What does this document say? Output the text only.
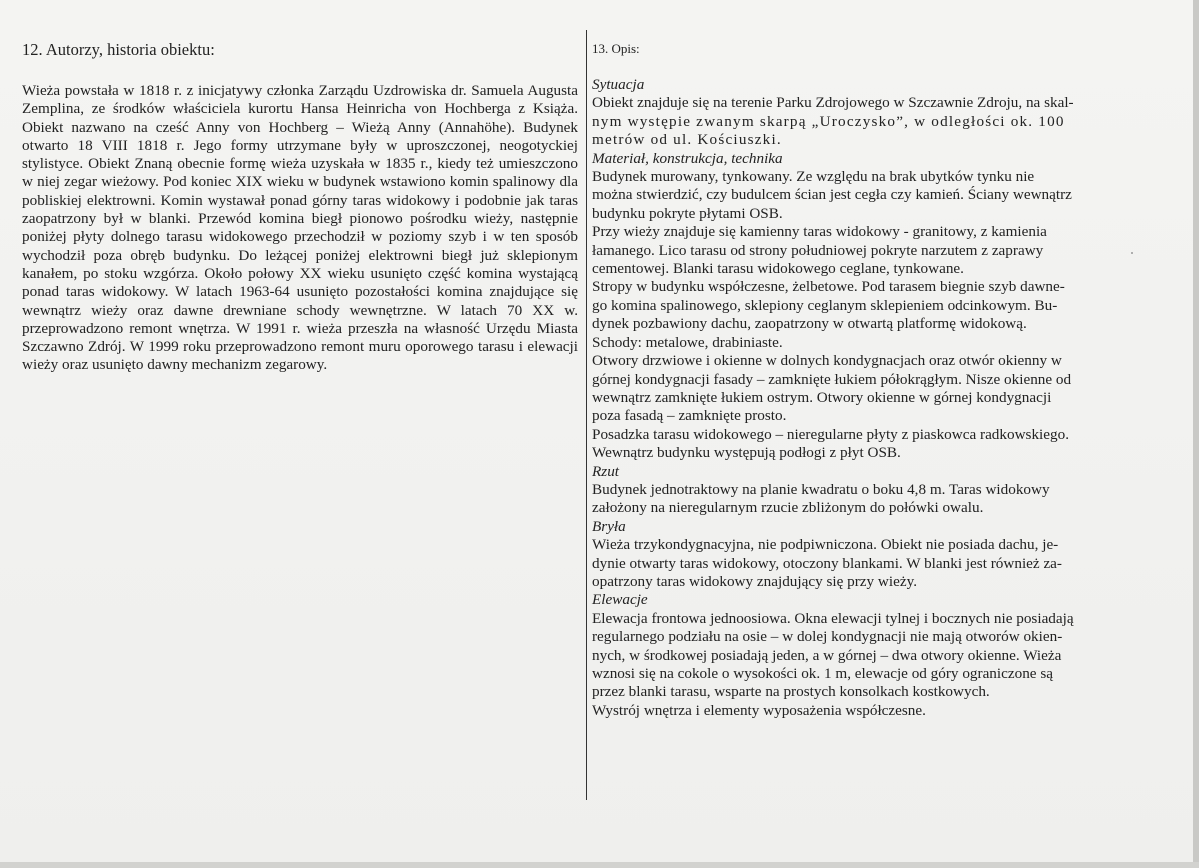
12. Autorzy, historia obiektu:

Wieża powstała w 1818 r. z inicjatywy członka Zarządu Uzdrowiska dr. Samuela Augusta Zemplina, ze środków właściciela kurortu Hansa Heinricha von Hochberga z Książa. Obiekt nazwano na cześć Anny von Hochberg – Wieżą Anny (Annahöhe). Budynek otwarto 18 VIII 1818 r. Jego formy utrzymane były w uproszczonej, neogotyckiej stylistyce. Obiekt Znaną obecnie formę wieża uzyskała w 1835 r., kiedy też umieszczono w niej zegar wieżowy. Pod koniec XIX wieku w budynek wstawiono komin spalinowy dla pobliskiej elektrowni. Komin wystawał ponad górny taras widokowy i podobnie jak taras zaopatrzony był w blanki. Przewód komina biegł pionowo pośrodku wieży, następnie poniżej płyty dolnego tarasu widokowego przechodził w poziomy szyb i w ten sposób wychodził poza obręb budynku. Do leżącej poniżej elektrowni biegł już sklepionym kanałem, po stoku wzgórza. Około połowy XX wieku usunięto część komina wystającą ponad taras widokowy. W latach 1963-64 usunięto pozostałości komina znajdujące się wewnątrz wieży oraz dawne drewniane schody wewnętrzne. W latach 70 XX w. przeprowadzono remont wnętrza. W 1991 r. wieża przeszła na własność Urzędu Miasta Szczawno Zdrój. W 1999 roku przeprowadzono remont muru oporowego tarasu i elewacji wieży oraz usunięto dawny mechanizm zegarowy.

13. Opis:
Sytuacja

Obiekt znajduje się na terenie Parku Zdrojowego w Szczawnie Zdroju, na skal-

nym występie zwanym skarpą „Uroczysko”, w odległości ok. 100

metrów od ul. Kościuszki.

Materiał, konstrukcja, technika

Budynek murowany, tynkowany. Ze względu na brak ubytków tynku nie

można stwierdzić, czy budulcem ścian jest cegła czy kamień. Ściany wewnątrz

budynku pokryte płytami OSB.

Przy wieży znajduje się kamienny taras widokowy - granitowy, z kamienia

łamanego. Lico tarasu od strony południowej pokryte narzutem z zaprawy

cementowej. Blanki tarasu widokowego ceglane, tynkowane.

Stropy w budynku współczesne, żelbetowe. Pod tarasem biegnie szyb dawne-

go komina spalinowego, sklepiony ceglanym sklepieniem odcinkowym. Bu-

dynek pozbawiony dachu, zaopatrzony w otwartą platformę widokową.

Schody: metalowe, drabiniaste.

Otwory drzwiowe i okienne w dolnych kondygnacjach oraz otwór okienny w

górnej kondygnacji fasady – zamknięte łukiem półokrągłym. Nisze okienne od

wewnątrz zamknięte łukiem ostrym. Otwory okienne w górnej kondygnacji

poza fasadą – zamknięte prosto.

Posadzka tarasu widokowego – nieregularne płyty z piaskowca radkowskiego.

Wewnątrz budynku występują podłogi z płyt OSB.

Rzut

Budynek jednotraktowy na planie kwadratu o boku 4,8 m. Taras widokowy

założony na nieregularnym rzucie zbliżonym do połówki owalu.

Bryła

Wieża trzykondygnacyjna, nie podpiwniczona. Obiekt nie posiada dachu, je-

dynie otwarty taras widokowy, otoczony blankami. W blanki jest również za-

opatrzony taras widokowy znajdujący się przy wieży.

Elewacje

Elewacja frontowa jednoosiowa. Okna elewacji tylnej i bocznych nie posiadają

regularnego podziału na osie – w dolej kondygnacji nie mają otworów okien-

nych, w środkowej posiadają jeden, a w górnej – dwa otwory okienne. Wieża

wznosi się na cokole o wysokości ok. 1 m, elewacje od góry ograniczone są

przez blanki tarasu, wsparte na prostych konsolkach kostkowych.

Wystrój wnętrza i elementy wyposażenia współczesne.
